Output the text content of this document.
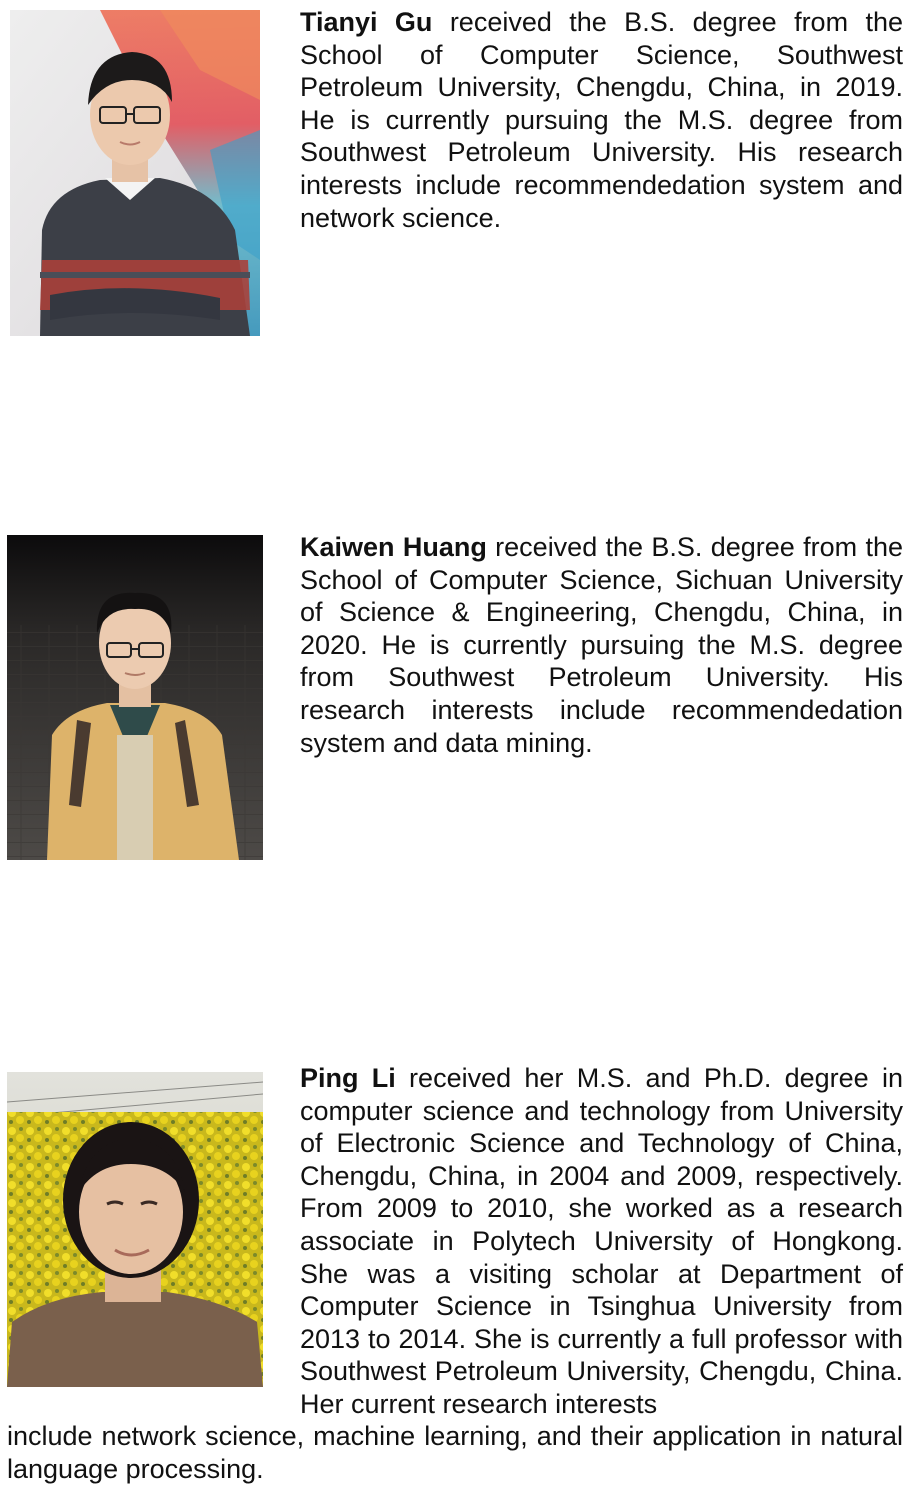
Tianyi Gu received the B.S. degree from the School of Computer Science, Southwest Petroleum University, Chengdu, China, in 2019. He is currently pursuing the M.S. degree from Southwest Petroleum University. His research interests include recommendedation system and network science.

Kaiwen Huang received the B.S. degree from the School of Computer Science, Sichuan University of Science & Engineering, Chengdu, China, in 2020. He is currently pursuing the M.S. degree from Southwest Petroleum University. His research interests include recommendedation system and data mining.

Ping Li received her M.S. and Ph.D. degree in computer science and technology from University of Electronic Science and Technology of China, Chengdu, China, in 2004 and 2009, respectively. From 2009 to 2010, she worked as a research associate in Polytech University of Hongkong. She was a visiting scholar at Department of Computer Science in Tsinghua University from 2013 to 2014. She is currently a full professor with Southwest Petroleum University, Chengdu, China. Her current research interests

include network science, machine learning, and their application in natural language processing.
